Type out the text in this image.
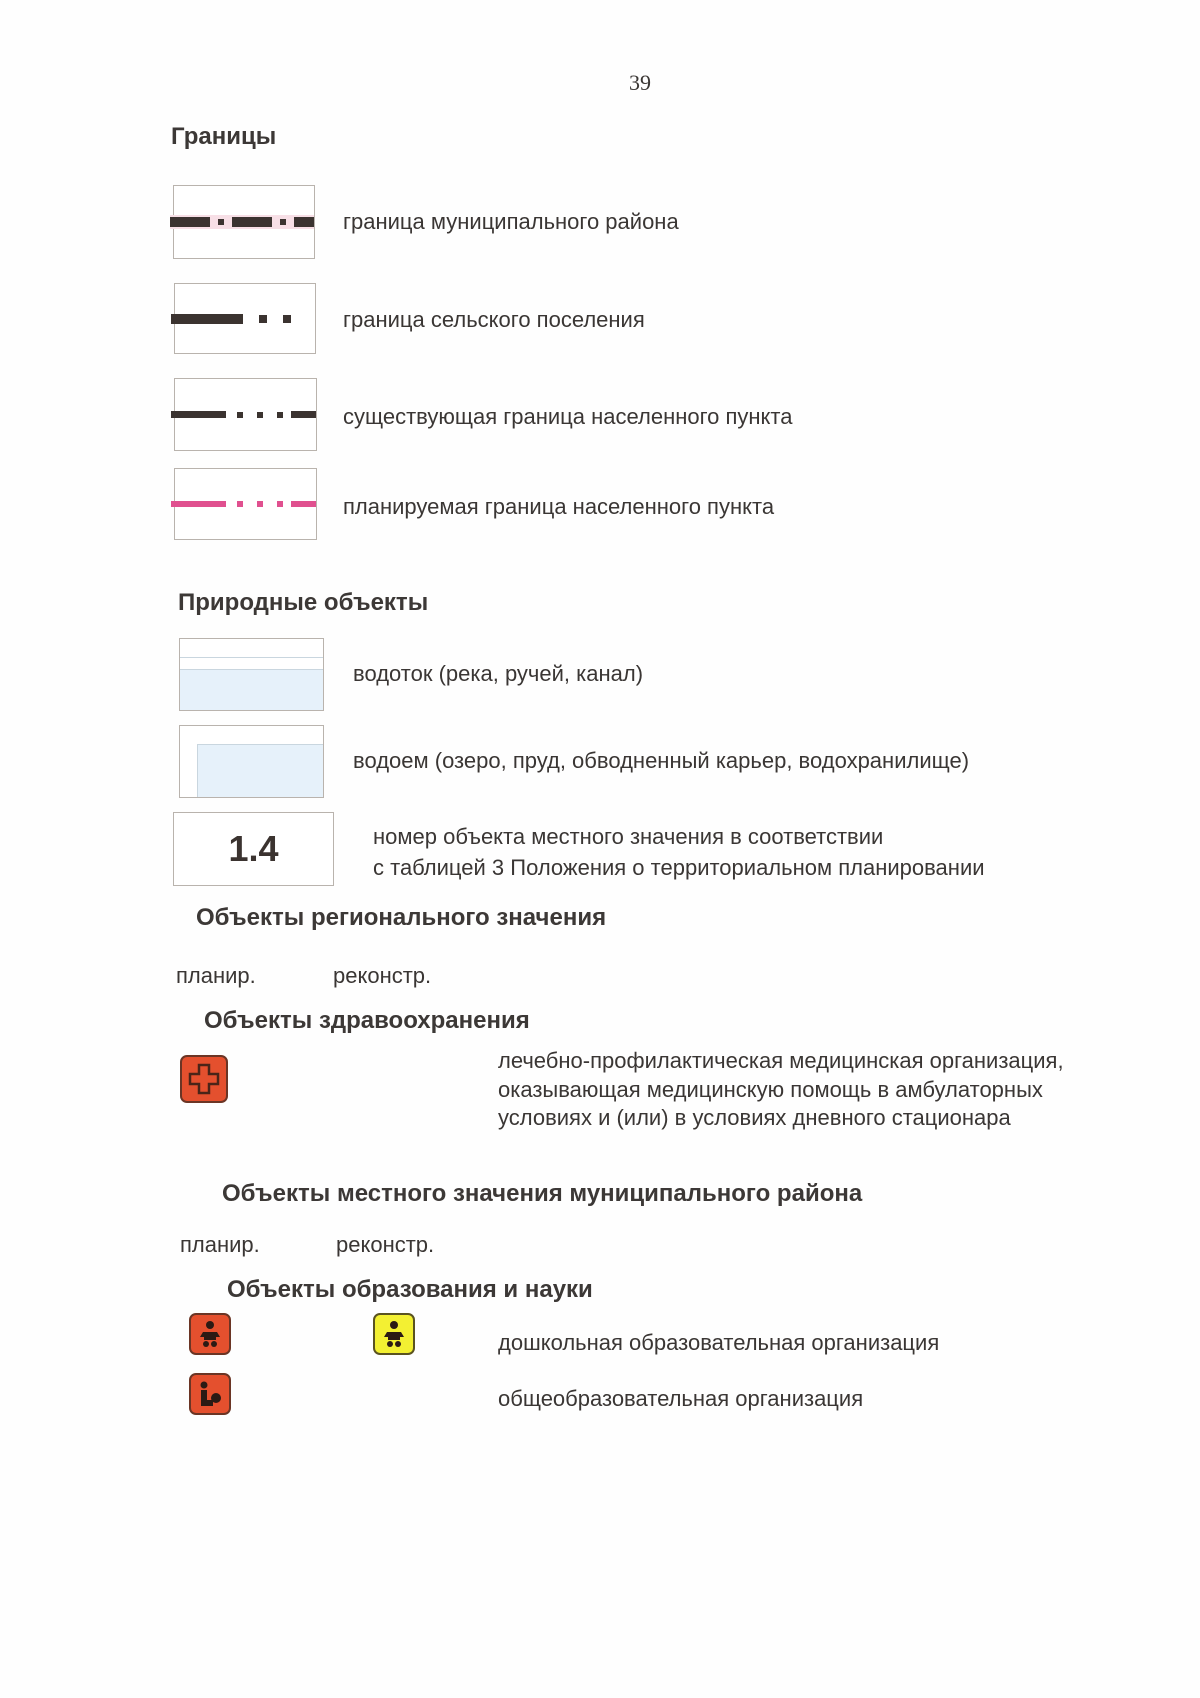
39
Границы
граница муниципального района
граница сельского поселения
существующая граница населенного пункта
планируемая граница населенного пункта
Природные объекты
водоток (река, ручей, канал)
водоем (озеро, пруд, обводненный карьер, водохранилище)
1.4	номер объекта местного значения в соответствии
с таблицей 3 Положения о территориальном планировании
Объекты регионального значения
планир.	реконстр.
Объекты здравоохранения
лечебно-профилактическая медицинская организация,
оказывающая медицинскую помощь в амбулаторных
условиях и (или) в условиях дневного стационара
Объекты местного значения муниципального района
планир.	реконстр.
Объекты образования и науки
дошкольная образовательная организация
общеобразовательная организация
